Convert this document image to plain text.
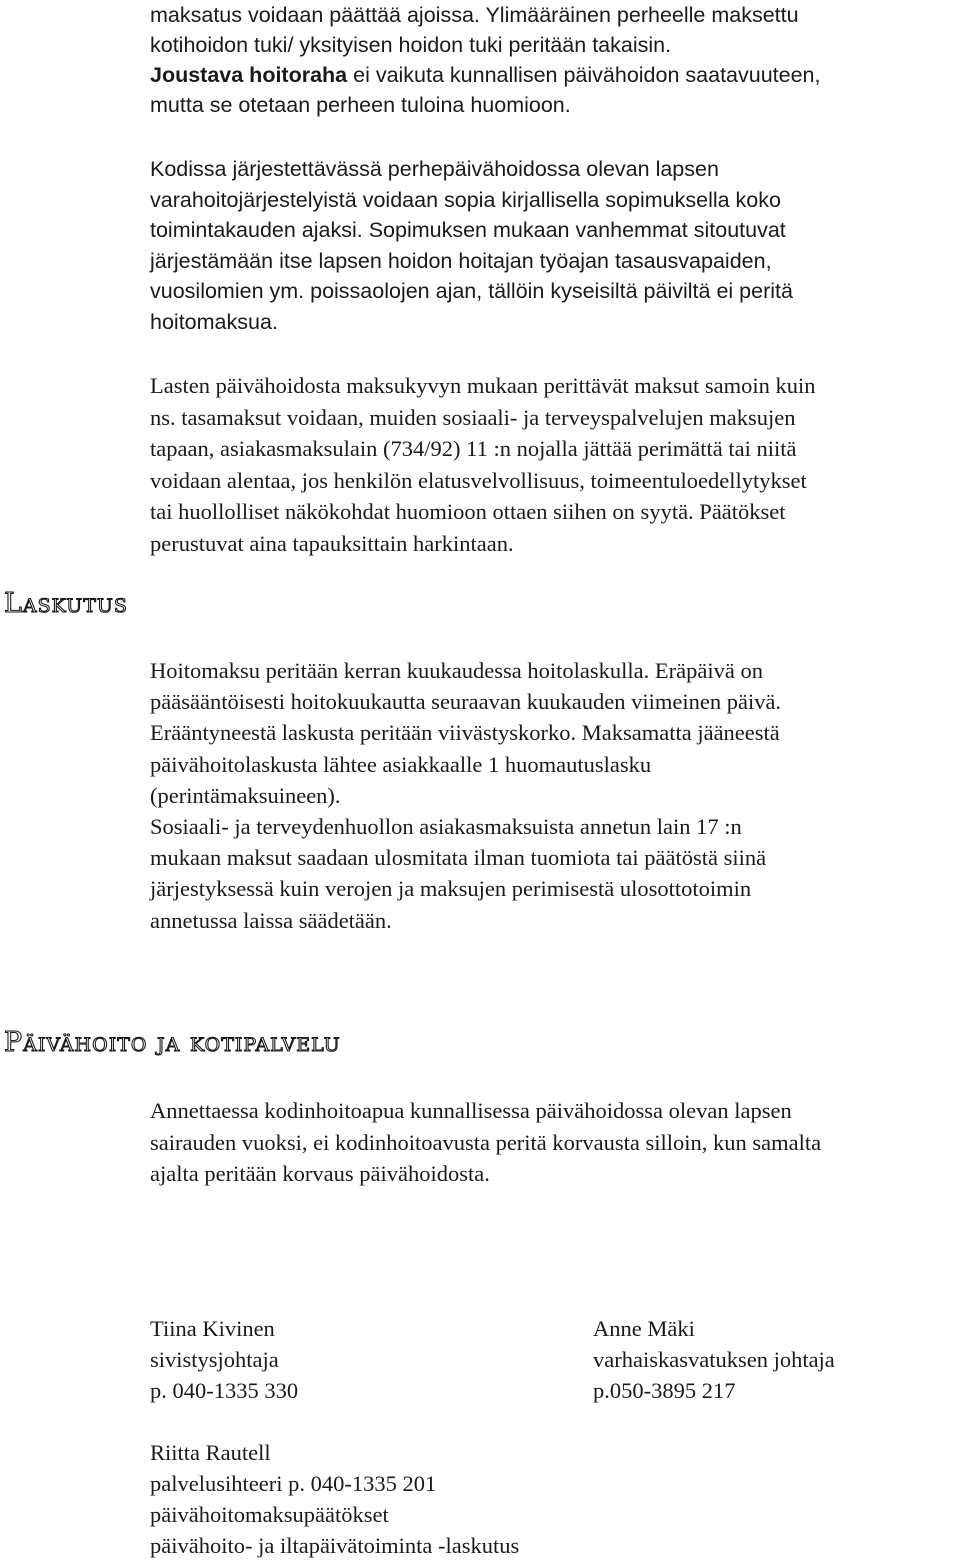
maksatus voidaan päättää ajoissa. Ylimääräinen perheelle maksettu
kotihoidon tuki/ yksityisen hoidon tuki peritään takaisin.
Joustava hoitoraha ei vaikuta kunnallisen päivähoidon saatavuuteen,
mutta se otetaan perheen tuloina huomioon.
Kodissa järjestettävässä perhepäivähoidossa olevan lapsen
varahoitojärjestelyistä voidaan sopia kirjallisella sopimuksella koko
toimintakauden ajaksi. Sopimuksen mukaan vanhemmat sitoutuvat
järjestämään itse lapsen hoidon hoitajan työajan tasausvapaiden,
vuosilomien ym. poissaolojen ajan, tällöin kyseisiltä päiviltä ei peritä
hoitomaksua.
Lasten päivähoidosta maksukyvyn mukaan perittävät maksut samoin kuin
ns. tasamaksut voidaan, muiden sosiaali- ja terveyspalvelujen maksujen
tapaan, asiakasmaksulain (734/92) 11 :n nojalla jättää perimättä tai niitä
voidaan alentaa, jos henkilön elatusvelvollisuus, toimeentuloedellytykset
tai huollolliset näkökohdat huomioon ottaen siihen on syytä. Päätökset
perustuvat aina tapauksittain harkintaan.
Laskutus
Hoitomaksu peritään kerran kuukaudessa hoitolaskulla. Eräpäivä on
pääsääntöisesti hoitokuukautta seuraavan kuukauden viimeinen päivä.
Erääntyneestä laskusta peritään viivästyskorko. Maksamatta jääneestä
päivähoitolaskusta lähtee asiakkaalle 1 huomautuslasku
(perintämaksuineen).
Sosiaali- ja terveydenhuollon asiakasmaksuista annetun lain 17 :n
mukaan maksut saadaan ulosmitata ilman tuomiota tai päätöstä siinä
järjestyksessä kuin verojen ja maksujen perimisestä ulosottotoimin
annetussa laissa säädetään.
Päivähoito ja kotipalvelu
Annettaessa kodinhoitoapua kunnallisessa päivähoidossa olevan lapsen
sairauden vuoksi, ei kodinhoitoavusta peritä korvausta silloin, kun samalta
ajalta peritään korvaus päivähoidosta.
Tiina Kivinen
sivistysjohtaja
p. 040-1335 330
Anne Mäki
varhaiskasvatuksen johtaja
p.050-3895 217
Riitta Rautell
palvelusihteeri p. 040-1335 201
päivähoitomaksupäätökset
päivähoito- ja iltapäivätoiminta -laskutus
